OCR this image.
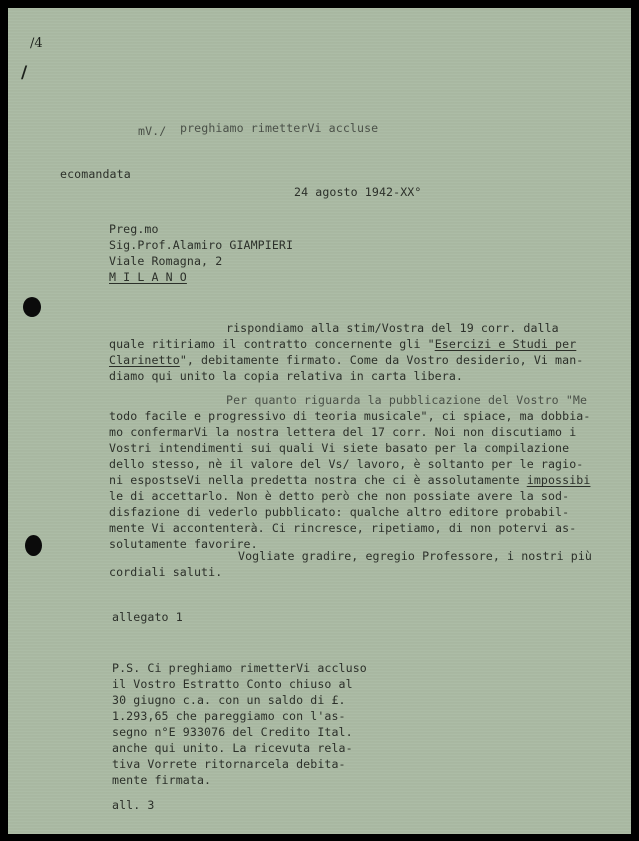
/4
/

mV./ preghiamo rimetterVi accluse

ecomandata

24 agosto 1942-XX°

Preg.mo

Sig.Prof.Alamiro GIAMPIERI

Viale Romagna, 2

M I L A N O

rispondiamo alla stim/Vostra del 19 corr. dalla

quale ritiriamo il contratto concernente gli "Esercizi e Studi per

Clarinetto", debitamente firmato. Come da Vostro desiderio, Vi man-

diamo qui unito la copia relativa in carta libera.

Per quanto riguarda la pubblicazione del Vostro "Me

todo facile e progressivo di teoria musicale", ci spiace, ma dobbia-

mo confermarVi la nostra lettera del 17 corr. Noi non discutiamo i

Vostri intendimenti sui quali Vi siete basato per la compilazione

dello stesso, nè il valore del Vs/ lavoro, è soltanto per le ragio-

ni espostseVi nella predetta nostra che ci è assolutamente impossibi

le di accettarlo. Non è detto però che non possiate avere la sod-

disfazione di vederlo pubblicato: qualche altro editore probabil-

mente Vi accontenterà. Ci rincresce, ripetiamo, di non potervi as-

solutamente favorire.

Vogliate gradire, egregio Professore, i nostri più

cordiali saluti.

allegato 1

P.S. Ci preghiamo rimetterVi accluso

il Vostro Estratto Conto chiuso al

30 giugno c.a. con un saldo di £.

1.293,65 che pareggiamo con l'as-

segno n°E 933076 del Credito Ital.

anche qui unito. La ricevuta rela-

tiva Vorrete ritornarcela debita-

mente firmata.

all. 3
